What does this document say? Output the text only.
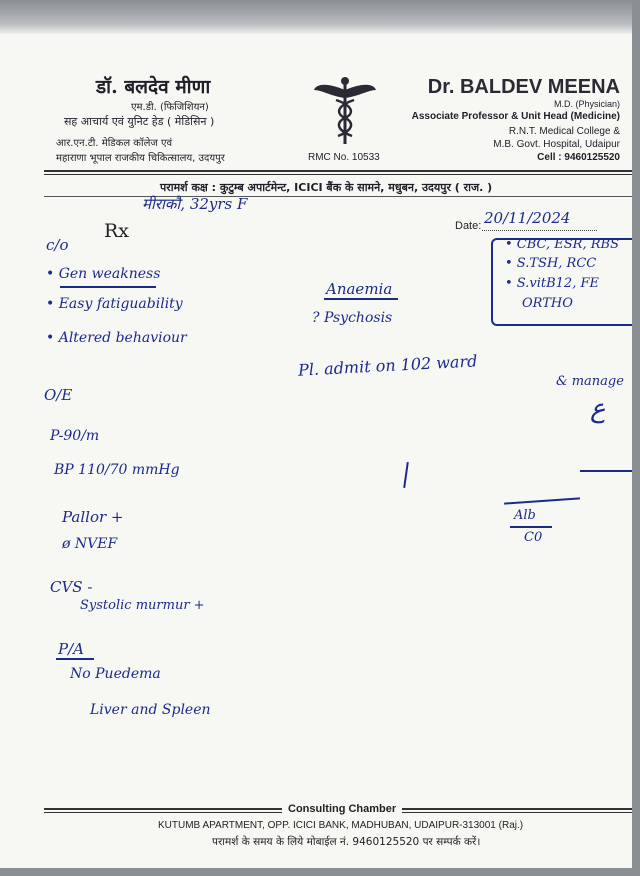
डॉ. बलदेव मीणा
एम.डी. (फिजिशियन)
सह आचार्य एवं युनिट हेड ( मेडिसिन )
आर.एन.टी. मेडिकल कॉलेज एवं
महाराणा भूपाल राजकीय चिकित्सालय, उदयपुर	RMC No. 10533
Dr. BALDEV MEENA
M.D. (Physician)
Associate Professor & Unit Head (Medicine)
R.N.T. Medical College &
M.B. Govt. Hospital, Udaipur
Cell : 9460125520
परामर्श कक्ष : कुटुम्ब अपार्टमेन्ट, ICICI बैंक के सामने, मधुबन, उदयपुर ( राज. )
Rx	Date:
मीराकौ, 32yrs F
20/11/2024
• CBC, ESR, RBS
• S.TSH, RCC
• S.vitB12, FE
ORTHO
c/o
• Gen weakness
• Easy fatiguability
• Altered behaviour
Anaemia
? Psychosis
Pl. admit on 102 ward
& manage
ع
O/E
P-90/m
BP 110/70 mmHg
Pallor +
ø NVEF
Alb
C0
CVS -
Systolic murmur +
P/A
No Puedema
Liver and Spleen
Consulting Chamber
KUTUMB APARTMENT, OPP. ICICI BANK, MADHUBAN, UDAIPUR-313001 (Raj.)
परामर्श के समय के लिये मोबाईल नं. 9460125520 पर सम्पर्क करें।
